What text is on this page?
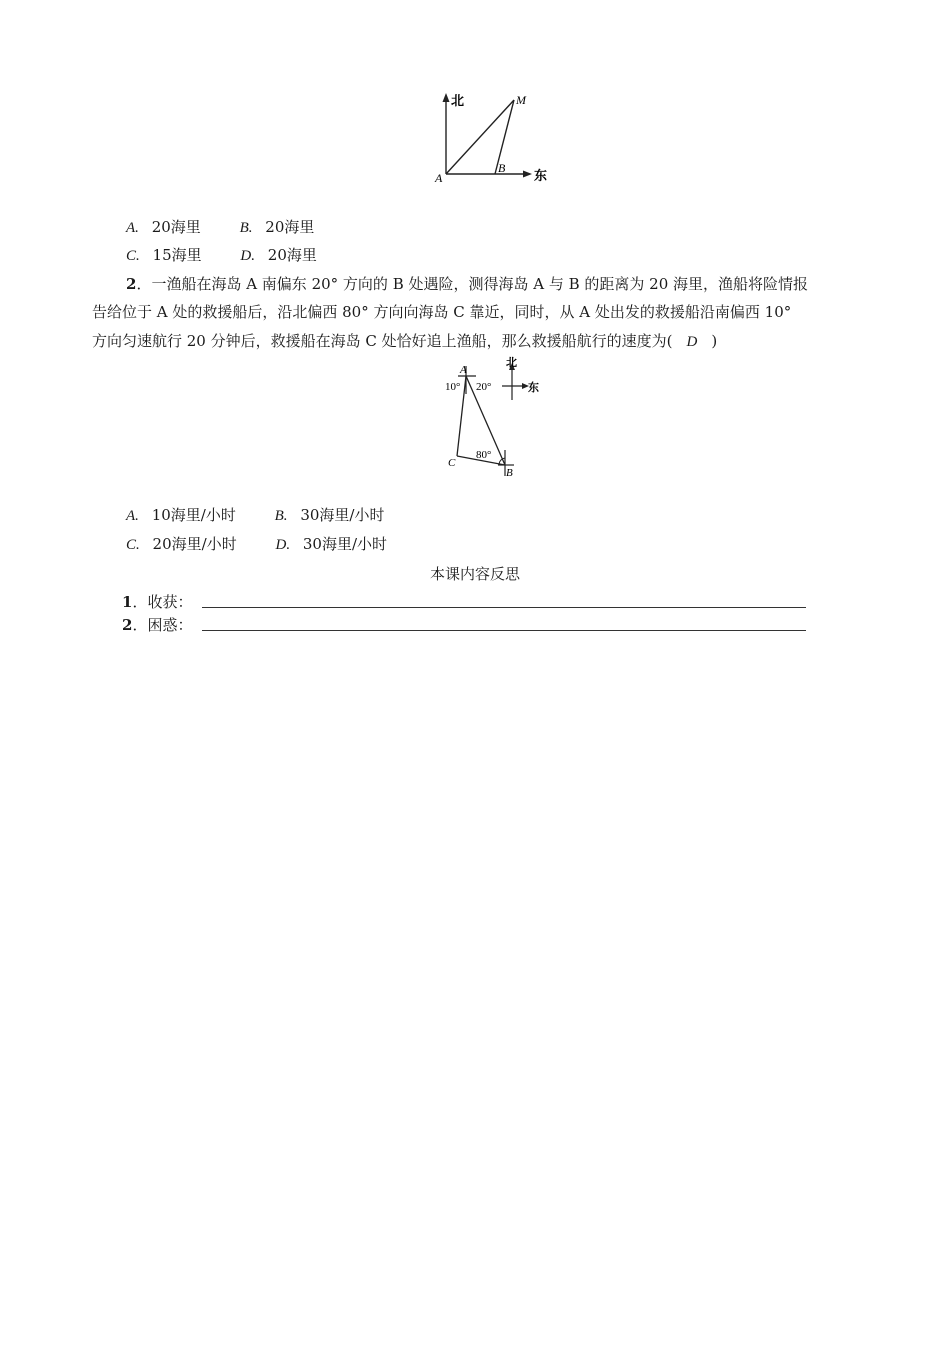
北
东
A
B
M
A. 20海里	B. 20海里
C. 15海里	D. 20海里
2．一渔船在海岛 A 南偏东 20° 方向的 B 处遇险，测得海岛 A 与 B 的距离为 20 海里，渔船将险情报
告给位于 A 处的救援船后，沿北偏西 80° 方向向海岛 C 靠近，同时，从 A 处出发的救援船沿南偏西 10°
方向匀速航行 20 分钟后，救援船在海岛 C 处恰好追上渔船，那么救援船航行的速度为( D )
北
东
A
10° 20°
80°
C
B
A. 10海里/小时	B. 30海里/小时
C. 20海里/小时	D. 30海里/小时
本课内容反思
1．收获：
2．困惑：
